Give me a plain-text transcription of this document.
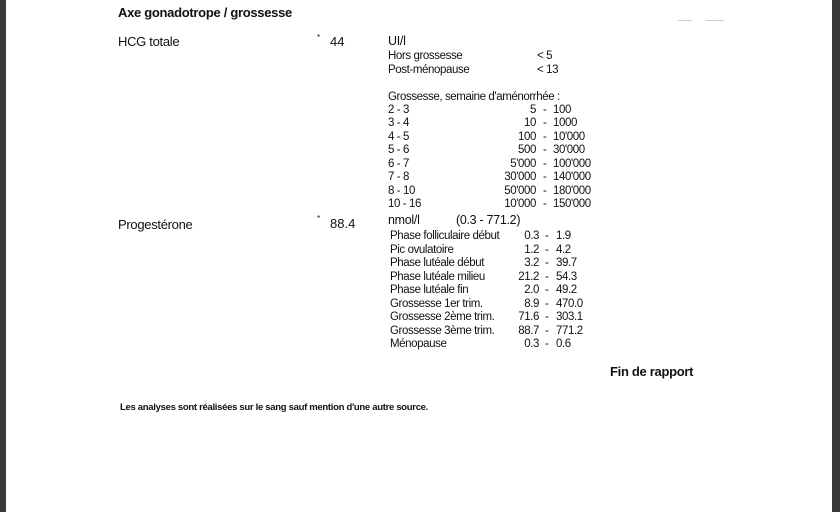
Axe gonadotrope / grossesse
HCG totale	* 44	UI/l
Hors grossesse	< 5
Post-ménopause	< 13
Grossesse, semaine d'aménorrhée :
2 - 3	5 - 100
3 - 4	10 - 1000
4 - 5	100 - 10'000
5 - 6	500 - 30'000
6 - 7	5'000 - 100'000
7 - 8	30'000 - 140'000
8 - 10	50'000 - 180'000
10 - 16	10'000 - 150'000
Progestérone	* 88.4	nmol/l	(0.3 - 771.2)
Phase folliculaire début 0.3 - 1.9
Pic ovulatoire	1.2 - 4.2
Phase lutéale début	3.2 - 39.7
Phase lutéale milieu	21.2 - 54.3
Phase lutéale fin	2.0 - 49.2
Grossesse 1er trim.	8.9 - 470.0
Grossesse 2ème trim. 71.6 - 303.1
Grossesse 3ème trim. 88.7 - 771.2
Ménopause	0.3 - 0.6
Fin de rapport
Les analyses sont réalisées sur le sang sauf mention d'une autre source.
